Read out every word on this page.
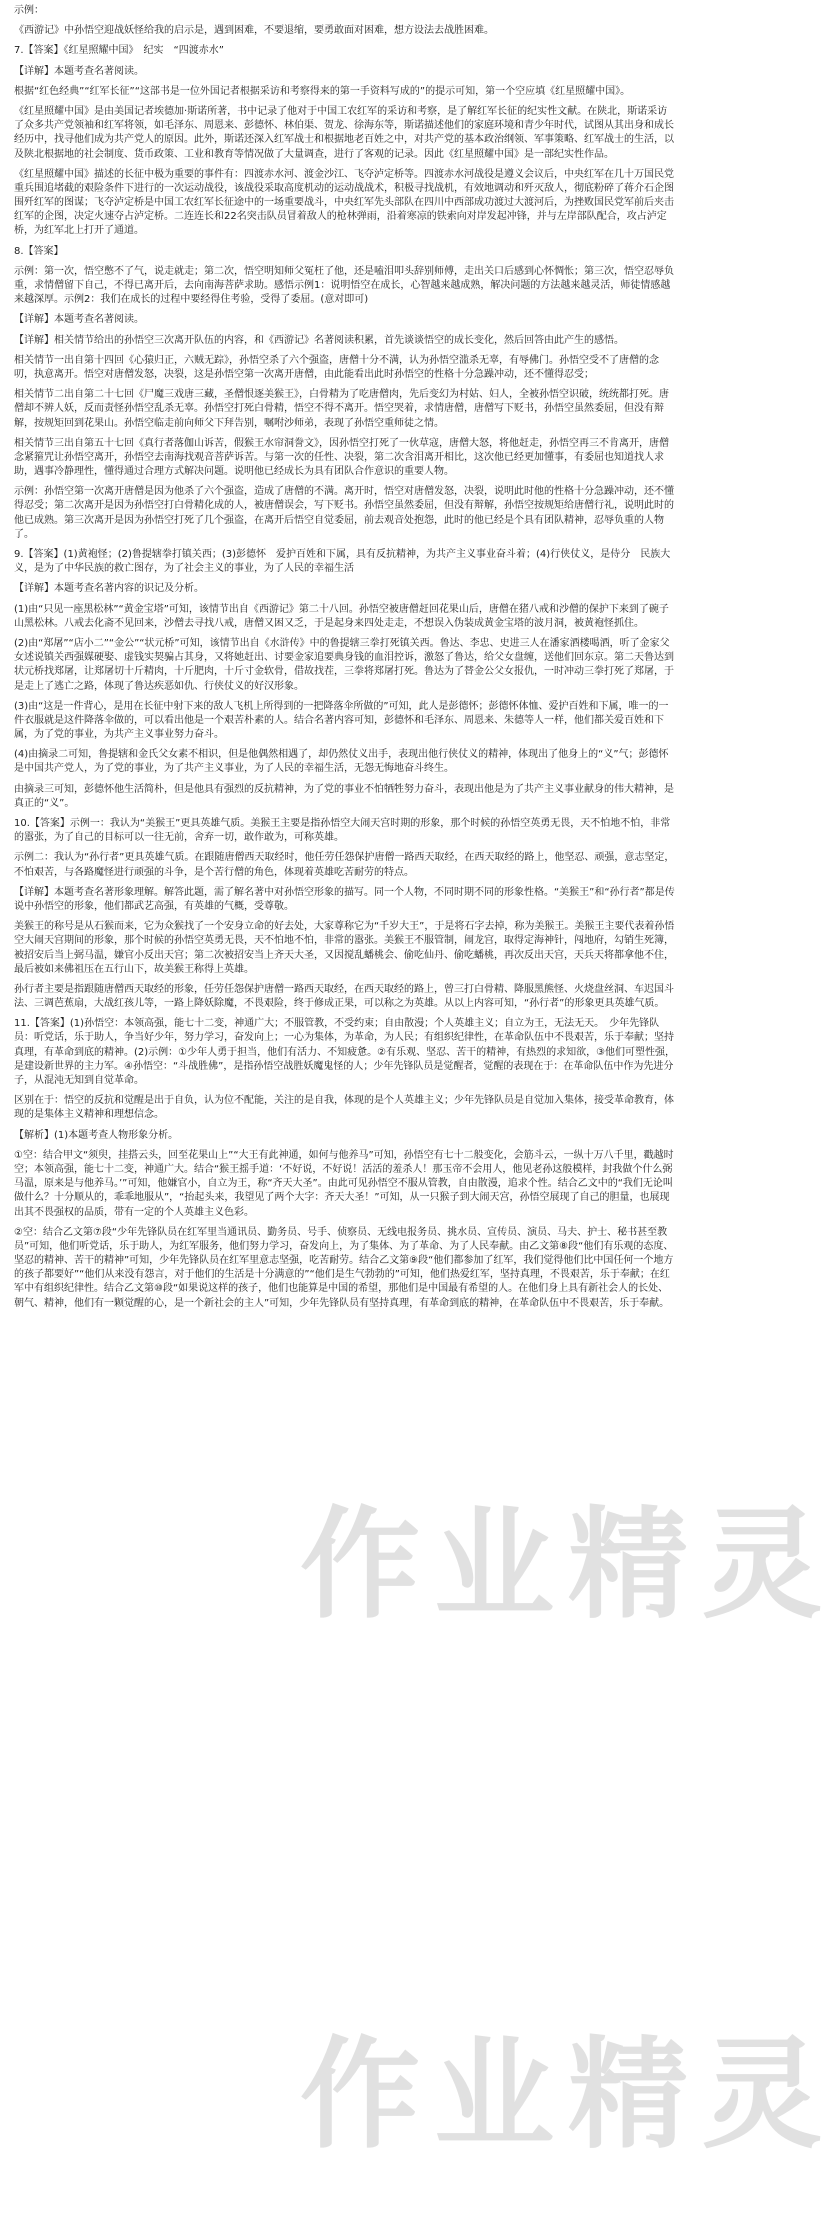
示例：

《西游记》中孙悟空迎战妖怪给我的启示是，遇到困难，不要退缩，要勇敢面对困难，想方设法去战胜困难。

7.【答案】《红星照耀中国》　纪实　“四渡赤水”

【详解】本题考查名著阅读。

根据“红色经典”“红军长征”“这部书是一位外国记者根据采访和考察得来的第一手资料写成的”的提示可知，第一个空应填《红星照耀中国》。

《红星照耀中国》是由美国记者埃德加·斯诺所著，书中记录了他对于中国工农红军的采访和考察，是了解红军长征的纪实性文献。在陕北，斯诺采访了众多共产党领袖和红军将领，如毛泽东、周恩来、彭德怀、林伯渠、贺龙、徐海东等，斯诺描述他们的家庭环境和青少年时代，试图从其出身和成长经历中，找寻他们成为共产党人的原因。此外，斯诺还深入红军战士和根据地老百姓之中，对共产党的基本政治纲领、军事策略、红军战士的生活，以及陕北根据地的社会制度、货币政策、工业和教育等情况做了大量调查，进行了客观的记录。因此《红星照耀中国》是一部纪实性作品。

《红星照耀中国》描述的长征中极为重要的事件有：四渡赤水河、渡金沙江、飞夺泸定桥等。四渡赤水河战役是遵义会议后，中央红军在几十万国民党重兵围追堵截的艰险条件下进行的一次运动战役，该战役采取高度机动的运动战战术，积极寻找战机，有效地调动和歼灭敌人，彻底粉碎了蒋介石企图围歼红军的图谋；飞夺泸定桥是中国工农红军长征途中的一场重要战斗，中央红军先头部队在四川中西部成功渡过大渡河后，为挫败国民党军前后夹击红军的企图，决定火速夺占泸定桥。二连连长和22名突击队员冒着敌人的枪林弹雨，沿着寒凉的铁索向对岸发起冲锋，并与左岸部队配合，攻占泸定桥，为红军北上打开了通道。

8.【答案】

示例：第一次，悟空憋不了气，说走就走；第二次，悟空明知师父冤枉了他，还是嗑泪叩头辞别师傅，走出关口后感到心怀惆怅；第三次，悟空忍辱负重，求情僧留下自己，不得已离开后，去向南海菩萨求助。感悟示例1：说明悟空在成长，心智越来越成熟，解决问题的方法越来越灵活，师徒情感越来越深厚。示例2：我们在成长的过程中要经得住考验，受得了委屈。(意对即可)

【详解】本题考查名著阅读。

【详解】相关情节给出的孙悟空三次离开队伍的内容，和《西游记》名著阅读积累，首先谈谈悟空的成长变化，然后回答由此产生的感悟。

相关情节一出自第十四回《心猿归正，六贼无踪》，孙悟空杀了六个强盗，唐僧十分不满，认为孙悟空滥杀无辜，有辱佛门。孙悟空受不了唐僧的念叨，执意离开。悟空对唐僧发怒，决裂，这是孙悟空第一次离开唐僧，由此能看出此时孙悟空的性格十分急躁冲动，还不懂得忍受；

相关情节二出自第二十七回《尸魔三戏唐三藏，圣僧恨逐美猴王》，白骨精为了吃唐僧肉，先后变幻为村姑、妇人，全被孙悟空识破，统统都打死。唐僧却不辨人妖，反而责怪孙悟空乱杀无辜。孙悟空打死白骨精，悟空不得不离开。悟空哭着，求情唐僧，唐僧写下贬书，孙悟空虽然委屈，但没有辩解，按规矩回到花果山。孙悟空临走前向师父下拜告别，嘱咐沙师弟，表现了孙悟空重师徒之情。

相关情节三出自第五十七回《真行者落伽山诉苦，假猴王水帘洞誊文》，因孙悟空打死了一伙草寇，唐僧大怒，将他赶走，孙悟空再三不肯离开，唐僧念紧箍咒让孙悟空离开，孙悟空去南海找观音菩萨诉苦。与第一次的任性、决裂，第二次含泪离开相比，这次他已经更加懂事，有委屈也知道找人求助，遇事冷静理性，懂得通过合理方式解决问题。说明他已经成长为具有团队合作意识的重要人物。

示例：孙悟空第一次离开唐僧是因为他杀了六个强盗，造成了唐僧的不满。离开时，悟空对唐僧发怒，决裂，说明此时他的性格十分急躁冲动，还不懂得忍受；第二次离开是因为孙悟空打白骨精化成的人，被唐僧误会，写下贬书。孙悟空虽然委屈，但没有辩解，孙悟空按规矩给唐僧行礼，说明此时的他已成熟。第三次离开是因为孙悟空打死了几个强盗，在离开后悟空自觉委屈，前去观音处抱怨，此时的他已经是个具有团队精神，忍辱负重的人物了。

9.【答案】(1)黄袍怪；(2)鲁提辖拳打镇关西；(3)彭德怀　爱护百姓和下属，具有反抗精神，为共产主义事业奋斗着；(4)行侠仗义，是侍分　民族大义，是为了中华民族的救亡图存，为了社会主义的事业，为了人民的幸福生活

【详解】本题考查名著内容的识记及分析。

(1)由“只见一座黑松林”“黄金宝塔”可知，该情节出自《西游记》第二十八回。孙悟空被唐僧赶回花果山后，唐僧在猪八戒和沙僧的保护下来到了碗子山黑松林。八戒去化斋不见回来，沙僧去寻找八戒，唐僧又困又乏，于是起身来四处走走，不想误入伪装成黄金宝塔的波月洞，被黄袍怪抓住。

(2)由“郑屠”“店小二”“金公”“状元桥”可知，该情节出自《水浒传》中的鲁提辖三拳打死镇关西。鲁达、李忠、史进三人在潘家酒楼喝酒，听了金家父女述说镇关西强媒硬娶、虚钱实契骗占其身，又将她赶出、讨要金家追要典身钱的血泪控诉，激怒了鲁达，给父女盘缠，送他们回东京。第二天鲁达到状元桥找郑屠，让郑屠切十斤精肉，十斤肥肉，十斤寸金软骨，借故找茬，三拳将郑屠打死。鲁达为了替金公父女报仇，一时冲动三拳打死了郑屠，于是走上了逃亡之路，体现了鲁达疾恶如仇、行侠仗义的好汉形象。

(3)由“这是一件背心，是用在长征中射下来的敌人飞机上所得到的一把降落伞所做的”可知，此人是彭德怀；彭德怀体恤、爱护百姓和下属，唯一的一件衣服就是这件降落伞做的，可以看出他是一个艰苦朴素的人。结合名著内容可知，彭德怀和毛泽东、周恩来、朱德等人一样，他们都关爱百姓和下属，为了党的事业，为共产主义事业努力奋斗。

(4)由摘录二可知，鲁提辖和金氏父女素不相识，但是他偶然相遇了，却仍然仗义出手，表现出他行侠仗义的精神，体现出了他身上的“义”气；彭德怀是中国共产党人，为了党的事业，为了共产主义事业，为了人民的幸福生活，无怨无悔地奋斗终生。

由摘录三可知，彭德怀他生活简朴，但是他具有强烈的反抗精神，为了党的事业不怕牺牲努力奋斗，表现出他是为了共产主义事业献身的伟大精神，是真正的“义”。

10.【答案】示例一：我认为“美猴王”更具英雄气质。美猴王主要是指孙悟空大闹天宫时期的形象，那个时候的孙悟空英勇无畏，天不怕地不怕，非常的嚣张，为了自己的目标可以一往无前，舍弃一切，敢作敢为，可称英雄。

示例二：我认为“孙行者”更具英雄气质。在跟随唐僧西天取经时，他任劳任怨保护唐僧一路西天取经，在西天取经的路上，他坚忍、顽强，意志坚定，不怕艰苦，与各路魔怪进行顽强的斗争，是个苦行僧的角色，体现着英雄吃苦耐劳的特点。

【详解】本题考查名著形象理解。解答此题，需了解名著中对孙悟空形象的描写。同一个人物，不同时期不同的形象性格。“美猴王”和“孙行者”都是传说中孙悟空的形象，他们都武艺高强，有英雄的气概，受尊敬。

美猴王的称号是从石猴而来，它为众猴找了一个安身立命的好去处，大家尊称它为“千岁大王”，于是将石字去掉，称为美猴王。美猴王主要代表着孙悟空大闹天宫期间的形象，那个时候的孙悟空英勇无畏，天不怕地不怕，非常的嚣张。美猴王不服管制，闹龙宫，取得定海神针，闯地府，勾销生死簿，被招安后当上弼马温，嫌官小反出天宫；第二次被招安当上齐天大圣，又因搅乱蟠桃会、偷吃仙丹、偷吃蟠桃，再次反出天宫，天兵天将都拿他不住，最后被如来佛祖压在五行山下，故美猴王称得上英雄。

孙行者主要是指跟随唐僧西天取经的形象，任劳任怨保护唐僧一路西天取经，在西天取经的路上，曾三打白骨精、降服黑熊怪、火烧盘丝洞、车迟国斗法、三调芭蕉扇，大战红孩儿等，一路上降妖除魔，不畏艰险，终于修成正果，可以称之为英雄。从以上内容可知，“孙行者”的形象更具英雄气质。

11.【答案】(1)孙悟空：本领高强，能七十二变，神通广大；不服管教，不受约束；自由散漫；个人英雄主义；自立为王，无法无天。　少年先锋队员：听党话，乐于助人，争当好少年，努力学习，奋发向上；一心为集体，为革命，为人民；有组织纪律性，在革命队伍中不畏艰苦，乐于奉献；坚持真理，有革命到底的精神。(2)示例：①少年人勇于担当，他们有活力、不知疲惫。②有乐观、坚忍、苦干的精神，有热烈的求知欲，③他们可塑性强，是建设新世界的主力军。④孙悟空：“斗战胜佛”，是指孙悟空战胜妖魔鬼怪的人；少年先锋队员是觉醒者，觉醒的表现在于：在革命队伍中作为先进分子，从混沌无知到自觉革命。

区别在于：悟空的反抗和觉醒是出于自负，认为位不配能，关注的是自我，体现的是个人英雄主义；少年先锋队员是自觉加入集体，接受革命教育，体现的是集体主义精神和理想信念。

【解析】(1)本题考查人物形象分析。

①空：结合甲文“须臾，挂搭云头，回至花果山上”“大王有此神通，如何与他养马”可知，孙悟空有七十二般变化，会筋斗云，一纵十万八千里，戳越时空；本领高强，能七十二变，神通广大。结合“猴王摇手道：‘不好说，不好说！活活的羞杀人！那玉帝不会用人，他见老孙这般模样，封我做个什么弼马温，原来是与他养马。’”可知，他嫌官小，自立为王，称“齐天大圣”。由此可见孙悟空不服从管教，自由散漫，追求个性。结合乙文中的“我们无论叫做什么？十分顺从的，乖乖地服从”，“抬起头来，我望见了两个大字：齐天大圣！”可知，从一只猴子到大闹天宫，孙悟空展现了自己的胆量，也展现出其不畏强权的品质，带有一定的个人英雄主义色彩。

②空：结合乙文第⑦段“少年先锋队员在红军里当通讯员、勤务员、号手、侦察员、无线电报务员、挑水员、宣传员、演员、马夫、护士、秘书甚至教员”可知，他们听党话，乐于助人，为红军服务，他们努力学习，奋发向上，为了集体、为了革命、为了人民奉献。由乙文第⑧段“他们有乐观的态度、坚忍的精神、苦干的精神”可知，少年先锋队员在红军里意志坚强，吃苦耐劳。结合乙文第⑨段“他们都参加了红军，我们觉得他们比中国任何一个地方的孩子都要好”“他们从来没有怨言，对于他们的生活是十分满意的”“他们是生气勃勃的”可知，他们热爱红军，坚持真理，不畏艰苦，乐于奉献；在红军中有组织纪律性。结合乙文第⑩段“如果说这样的孩子，他们也能算是中国的希望，那他们是中国最有希望的人。在他们身上具有新社会人的长处、朝气、精神，他们有一颗觉醒的心，是一个新社会的主人”可知，少年先锋队员有坚持真理，有革命到底的精神，在革命队伍中不畏艰苦，乐于奉献。

作业精灵
作业精灵
